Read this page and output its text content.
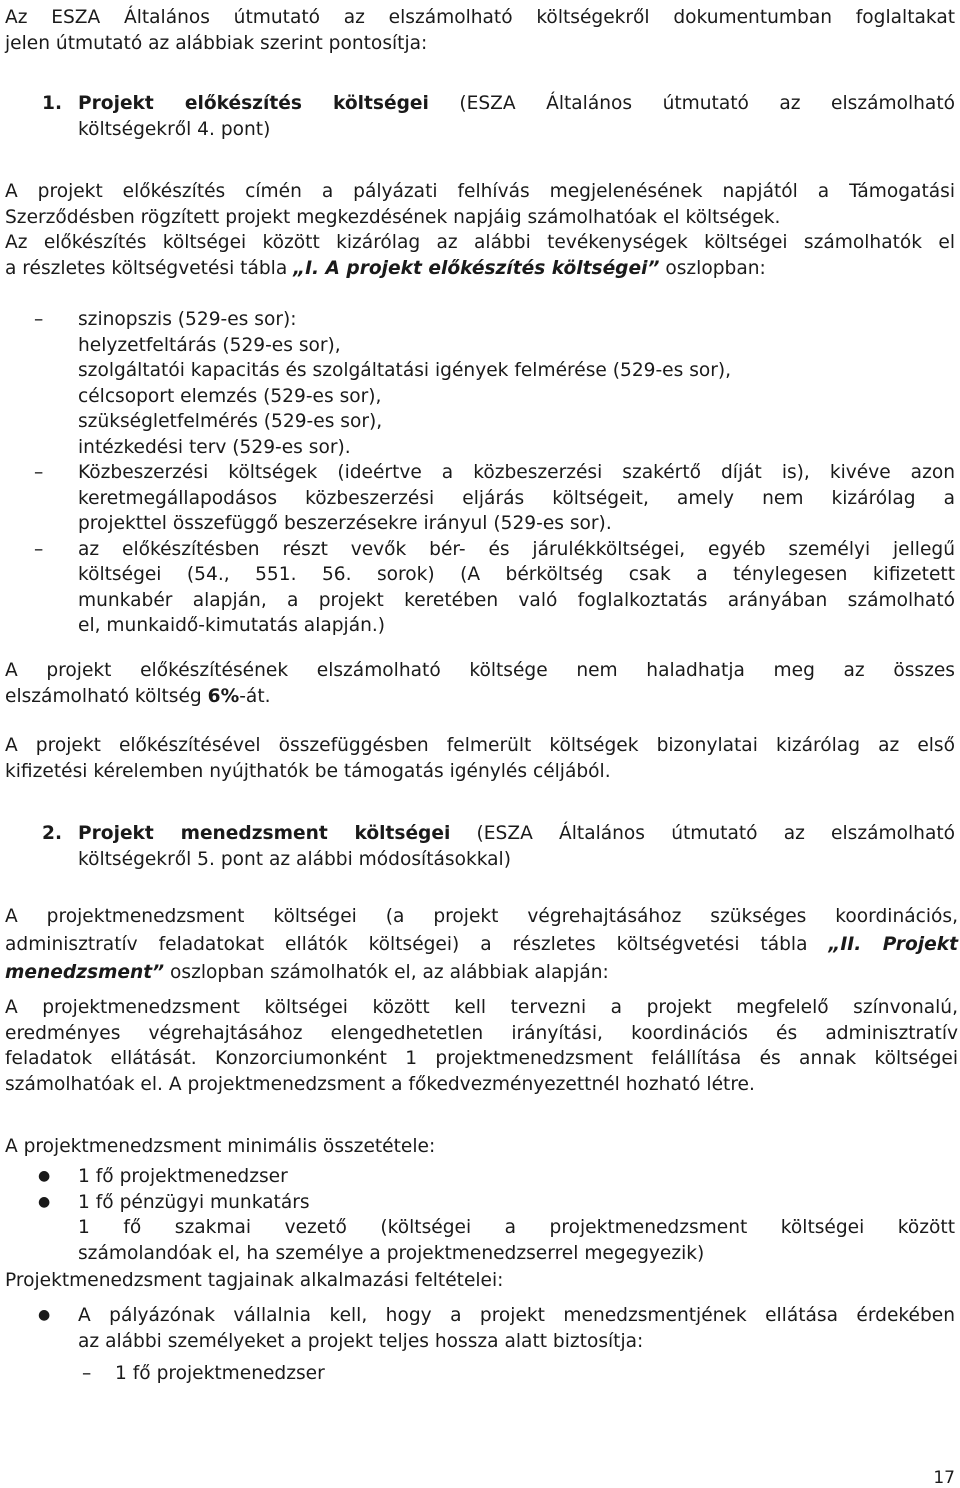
Az ESZA Általános útmutató az elszámolható költségekről dokumentumban foglaltakat
jelen útmutató az alábbiak szerint pontosítja:
1. Projekt előkészítés költségei (ESZA Általános útmutató az elszámolható
költségekről 4. pont)
A projekt előkészítés címén a pályázati felhívás megjelenésének napjától a Támogatási
Szerződésben rögzített projekt megkezdésének napjáig számolhatóak el költségek.
Az előkészítés költségei között kizárólag az alábbi tevékenységek költségei számolhatók el
a részletes költségvetési tábla „I. A projekt előkészítés költségei” oszlopban:
– szinopszis (529-es sor):
helyzetfeltárás (529-es sor),
szolgáltatói kapacitás és szolgáltatási igények felmérése (529-es sor),
célcsoport elemzés (529-es sor),
szükségletfelmérés (529-es sor),
intézkedési terv (529-es sor).
– Közbeszerzési költségek (ideértve a közbeszerzési szakértő díját is), kivéve azon
keretmegállapodásos közbeszerzési eljárás költségeit, amely nem kizárólag a
projekttel összefüggő beszerzésekre irányul (529-es sor).
– az előkészítésben részt vevők bér- és járulékköltségei, egyéb személyi jellegű
költségei (54., 551. 56. sorok) (A bérköltség csak a ténylegesen kifizetett
munkabér alapján, a projekt keretében való foglalkoztatás arányában számolható
el, munkaidő-kimutatás alapján.)
A projekt előkészítésének elszámolható költsége nem haladhatja meg az összes
elszámolható költség 6%-át.
A projekt előkészítésével összefüggésben felmerült költségek bizonylatai kizárólag az első
kifizetési kérelemben nyújthatók be támogatás igénylés céljából.
2. Projekt menedzsment költségei (ESZA Általános útmutató az elszámolható
költségekről 5. pont az alábbi módosításokkal)
A projektmenedzsment költségei (a projekt végrehajtásához szükséges koordinációs,
adminisztratív feladatokat ellátók költségei) a részletes költségvetési tábla „II. Projekt
menedzsment” oszlopban számolhatók el, az alábbiak alapján:
A projektmenedzsment költségei között kell tervezni a projekt megfelelő színvonalú,
eredményes végrehajtásához elengedhetetlen irányítási, koordinációs és adminisztratív
feladatok ellátását. Konzorciumonként 1 projektmenedzsment felállítása és annak költségei
számolhatóak el. A projektmenedzsment a főkedvezményezettnél hozható létre.
A projektmenedzsment minimális összetétele:
● 1 fő projektmenedzser
● 1 fő pénzügyi munkatárs
1 fő szakmai vezető (költségei a projektmenedzsment költségei között
számolandóak el, ha személye a projektmenedzserrel megegyezik)
Projektmenedzsment tagjainak alkalmazási feltételei:
● A pályázónak vállalnia kell, hogy a projekt menedzsmentjének ellátása érdekében
az alábbi személyeket a projekt teljes hossza alatt biztosítja:
– 1 fő projektmenedzser
17
